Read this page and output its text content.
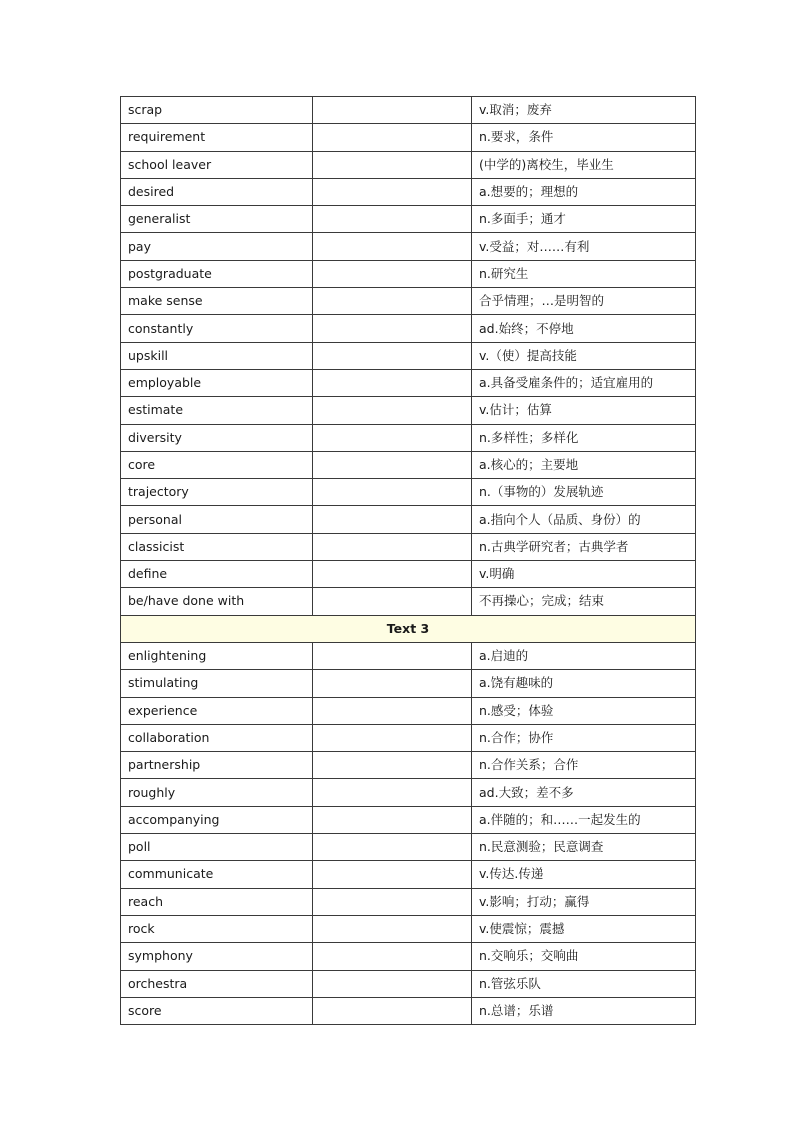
scrap		v.取消；废弃
requirement		n.要求，条件
school leaver		(中学的)离校生，毕业生
desired		a.想要的；理想的
generalist		n.多面手；通才
pay		v.受益；对……有利
postgraduate		n.研究生
make sense		合乎情理；…是明智的
constantly		ad.始终；不停地
upskill		v.（使）提高技能
employable		a.具备受雇条件的；适宜雇用的
estimate		v.估计；估算
diversity		n.多样性；多样化
core		a.核心的；主要地
trajectory		n.（事物的）发展轨迹
personal		a.指向个人（品质、身份）的
classicist		n.古典学研究者；古典学者
define		v.明确
be/have done with		不再操心；完成；结束
Text 3		
enlightening		a.启迪的
stimulating		a.饶有趣味的
experience		n.感受；体验
collaboration		n.合作；协作
partnership		n.合作关系；合作
roughly		ad.大致；差不多
accompanying		a.伴随的；和……一起发生的
poll		n.民意测验；民意调查
communicate		v.传达.传递
reach		v.影响；打动；赢得
rock		v.使震惊；震撼
symphony		n.交响乐；交响曲
orchestra		n.管弦乐队
score		n.总谱；乐谱
